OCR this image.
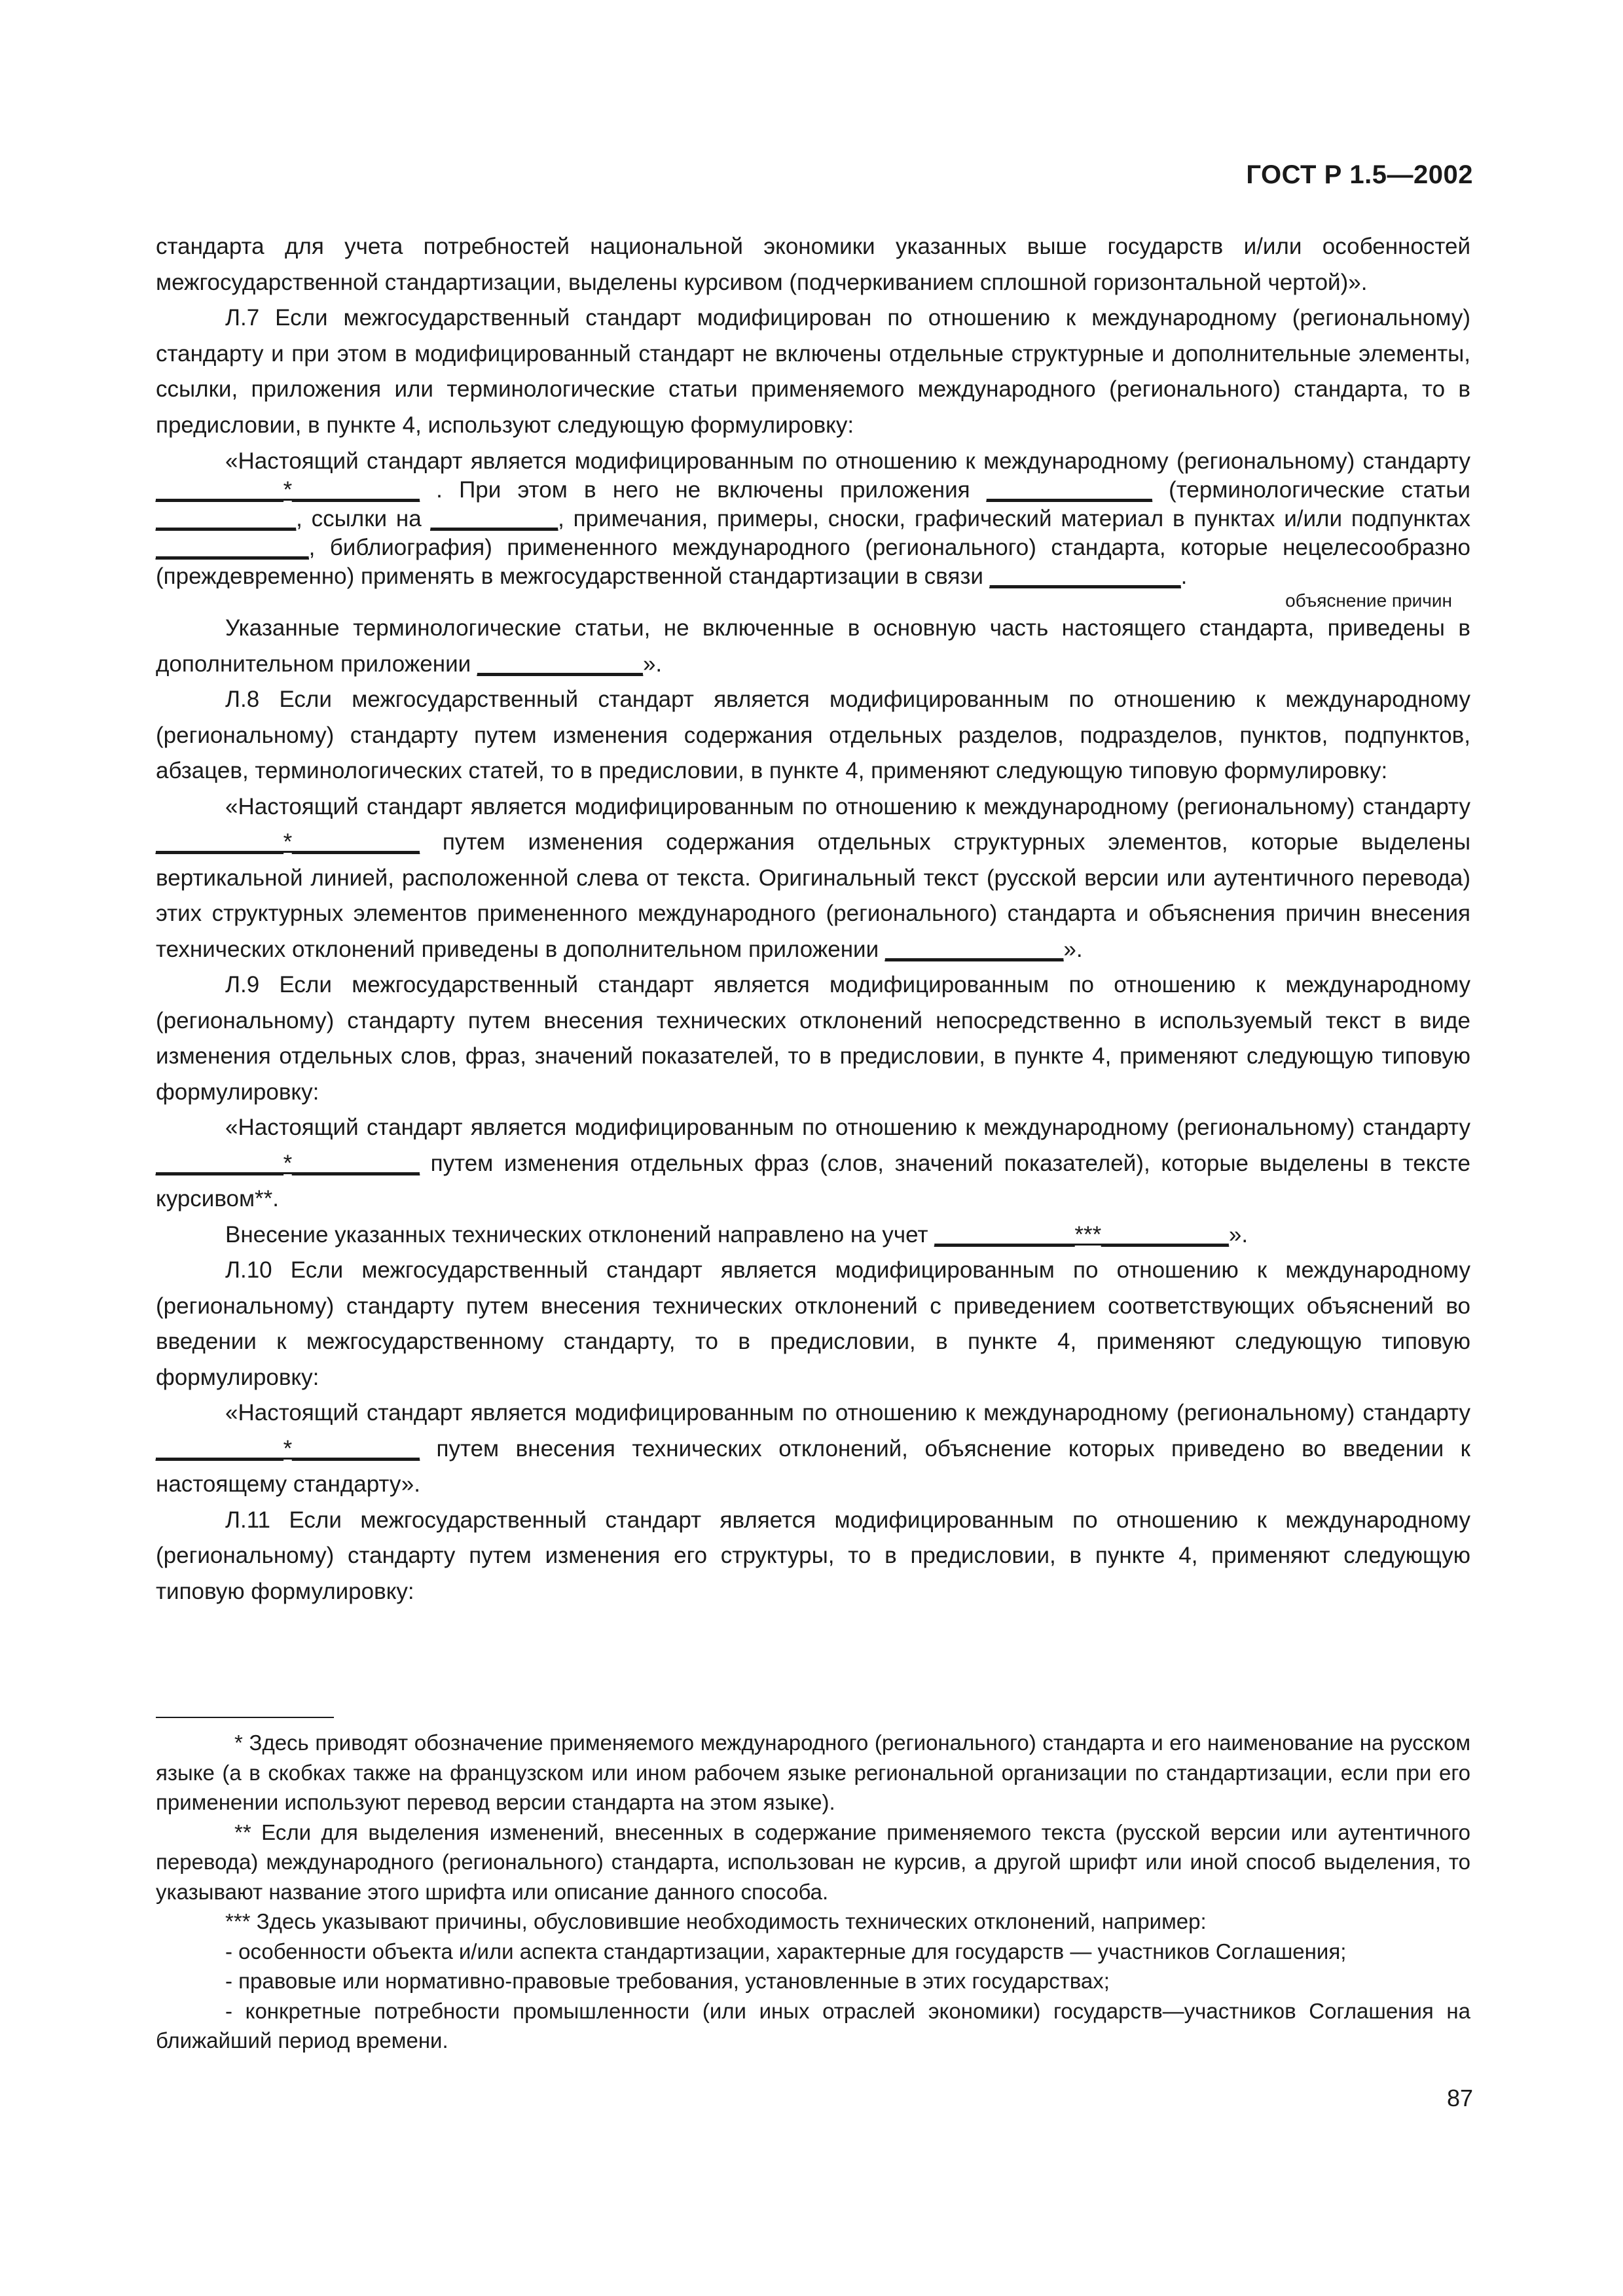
ГОСТ Р 1.5—2002

стандарта для учета потребностей национальной экономики указанных выше государств и/или особенностей межгосударственной стандартизации, выделены курсивом (подчеркиванием сплошной горизонтальной чертой)».

Л.7 Если межгосударственный стандарт модифицирован по отношению к международному (региональному) стандарту и при этом в модифицированный стандарт не включены отдельные структурные и дополнительные элементы, ссылки, приложения или терминологические статьи применяемого международного (регионального) стандарта, то в предисловии, в пункте 4, используют следующую формулировку:

«Настоящий стандарт является модифицированным по отношению к международному (региональному) стандарту __________*__________ . При этом в него не включены приложения _____________ (терминологические статьи ___________, ссылки на __________, примечания, примеры, сноски, графический материал в пунктах и/или подпунктах ____________, библиография) примененного международного (регионального) стандарта, которые нецелесообразно (преждевременно) применять в межгосударственной стандартизации в связи _______________.

объяснение причин

Указанные терминологические статьи, не включенные в основную часть настоящего стандарта, приведены в дополнительном приложении _____________».

Л.8 Если межгосударственный стандарт является модифицированным по отношению к международному (региональному) стандарту путем изменения содержания отдельных разделов, подразделов, пунктов, подпунктов, абзацев, терминологических статей, то в предисловии, в пункте 4, применяют следующую типовую формулировку:

«Настоящий стандарт является модифицированным по отношению к международному (региональному) стандарту __________*__________ путем изменения содержания отдельных структурных элементов, которые выделены вертикальной линией, расположенной слева от текста. Оригинальный текст (русской версии или аутентичного перевода) этих структурных элементов примененного международного (регионального) стандарта и объяснения причин внесения технических отклонений приведены в дополнительном приложении ______________».

Л.9 Если межгосударственный стандарт является модифицированным по отношению к международному (региональному) стандарту путем внесения технических отклонений непосредственно в используемый текст в виде изменения отдельных слов, фраз, значений показателей, то в предисловии, в пункте 4, применяют следующую типовую формулировку:

«Настоящий стандарт является модифицированным по отношению к международному (региональному) стандарту __________*__________ путем изменения отдельных фраз (слов, значений показателей), которые выделены в тексте курсивом**.

Внесение указанных технических отклонений направлено на учет ___________***__________».

Л.10 Если межгосударственный стандарт является модифицированным по отношению к международному (региональному) стандарту путем внесения технических отклонений с приведением соответствующих объяснений во введении к межгосударственному стандарту, то в предисловии, в пункте 4, применяют следующую типовую формулировку:

«Настоящий стандарт является модифицированным по отношению к международному (региональному) стандарту __________*__________ путем внесения технических отклонений, объяснение которых приведено во введении к настоящему стандарту».

Л.11 Если межгосударственный стандарт является модифицированным по отношению к международному (региональному) стандарту путем изменения его структуры, то в предисловии, в пункте 4, применяют следующую типовую формулировку:

* Здесь приводят обозначение применяемого международного (регионального) стандарта и его наименование на русском языке (а в скобках также на французском или ином рабочем языке региональной организации по стандартизации, если при его применении используют перевод версии стандарта на этом языке).

** Если для выделения изменений, внесенных в содержание применяемого текста (русской версии или аутентичного перевода) международного (регионального) стандарта, использован не курсив, а другой шрифт или иной способ выделения, то указывают название этого шрифта или описание данного способа.

*** Здесь указывают причины, обусловившие необходимость технических отклонений, например:

- особенности объекта и/или аспекта стандартизации, характерные для государств — участников Соглашения;

- правовые или нормативно-правовые требования, установленные в этих государствах;

- конкретные потребности промышленности (или иных отраслей экономики) государств—участников Соглашения на ближайший период времени.

87
